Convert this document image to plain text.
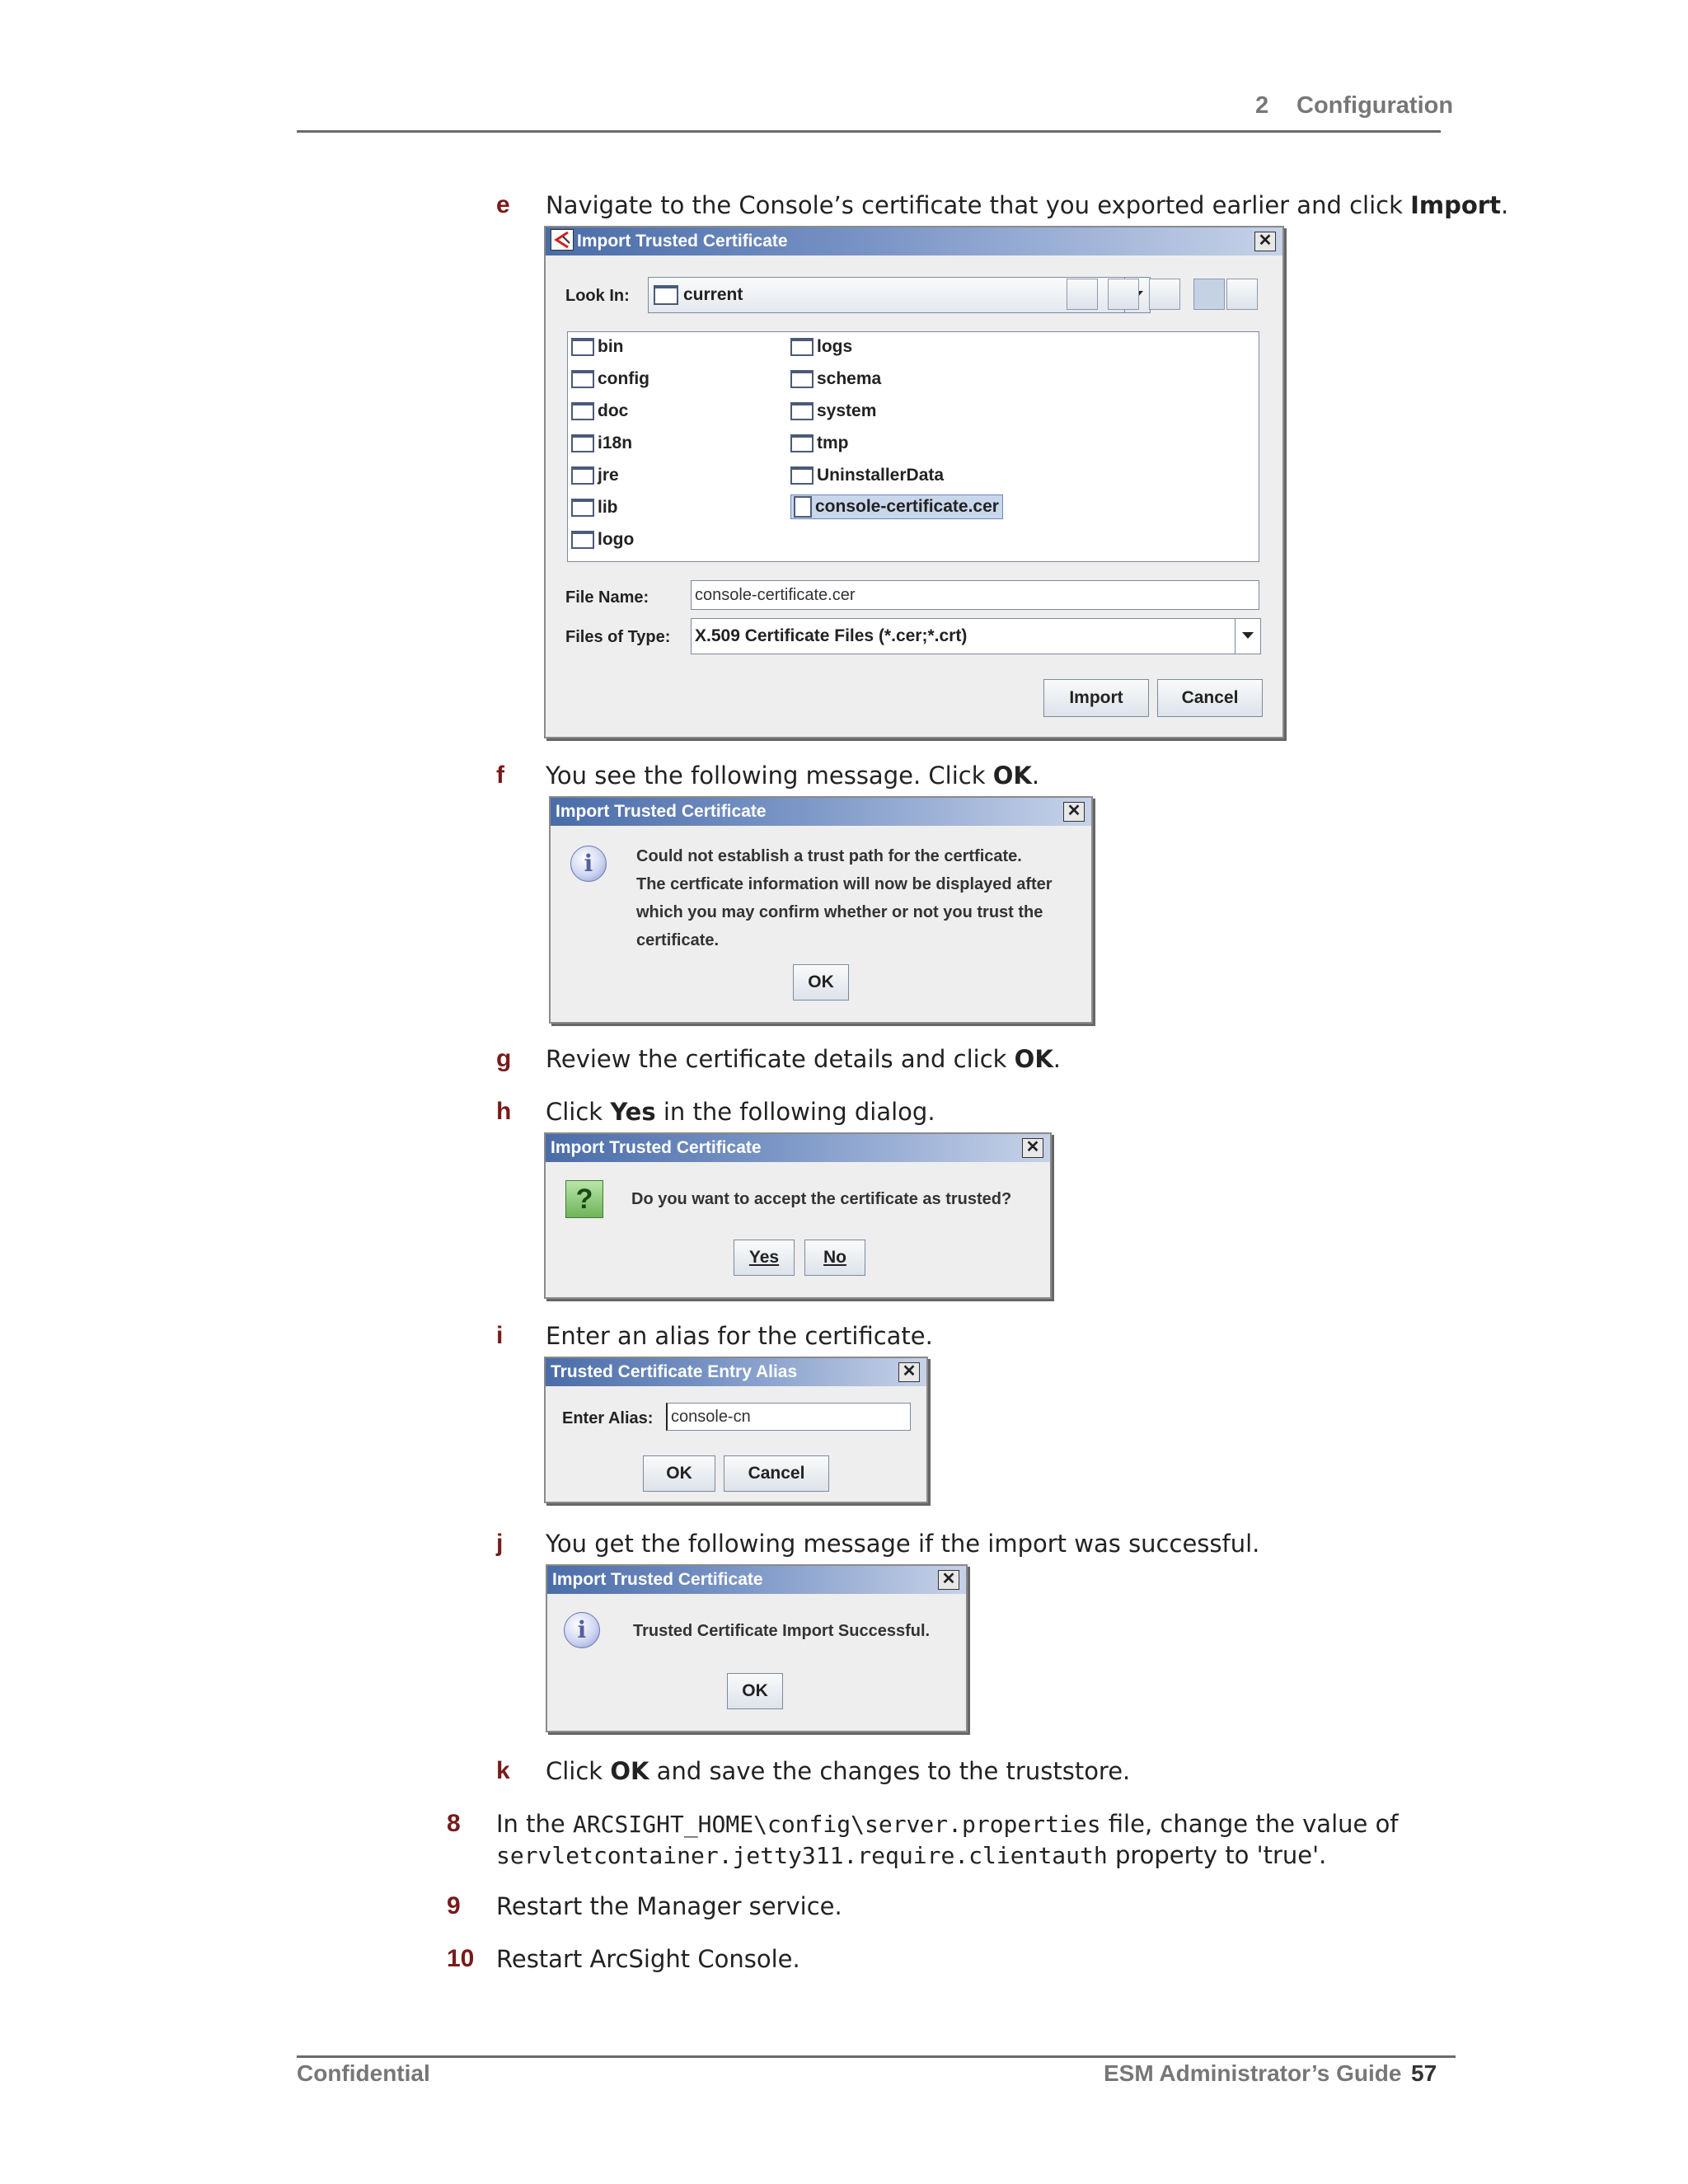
2 Configuration
e Navigate to the Console’s certificate that you exported earlier and click Import.
Import Trusted Certificate	✕
Look In:	current
bin
config
doc
i18n
jre
lib
logo
logs
schema
system
tmp
UninstallerData
console-certificate.cer
File Name:	console-certificate.cer
Files of Type: X.509 Certificate Files (*.cer;*.crt)
Import	Cancel
f You see the following message. Click OK.
Import Trusted Certificate	✕
i	Could not establish a trust path for the certficate.
The certficate information will now be displayed after
which you may confirm whether or not you trust the
certificate.
OK
g Review the certificate details and click OK.
h Click Yes in the following dialog.
Import Trusted Certificate	✕
?	Do you want to accept the certificate as trusted?
Yes	No
i Enter an alias for the certificate.
Trusted Certificate Entry Alias	✕
Enter Alias:	console-cn
OK	Cancel
j You get the following message if the import was successful.
Import Trusted Certificate	✕
i	Trusted Certificate Import Successful.
OK
k Click OK and save the changes to the truststore.
8 In the ARCSIGHT_HOME\config\server.properties file, change the value of
servletcontainer.jetty311.require.clientauth property to 'true'.
9 Restart the Manager service.
10 Restart ArcSight Console.
Confidential	ESM Administrator’s Guide 57
